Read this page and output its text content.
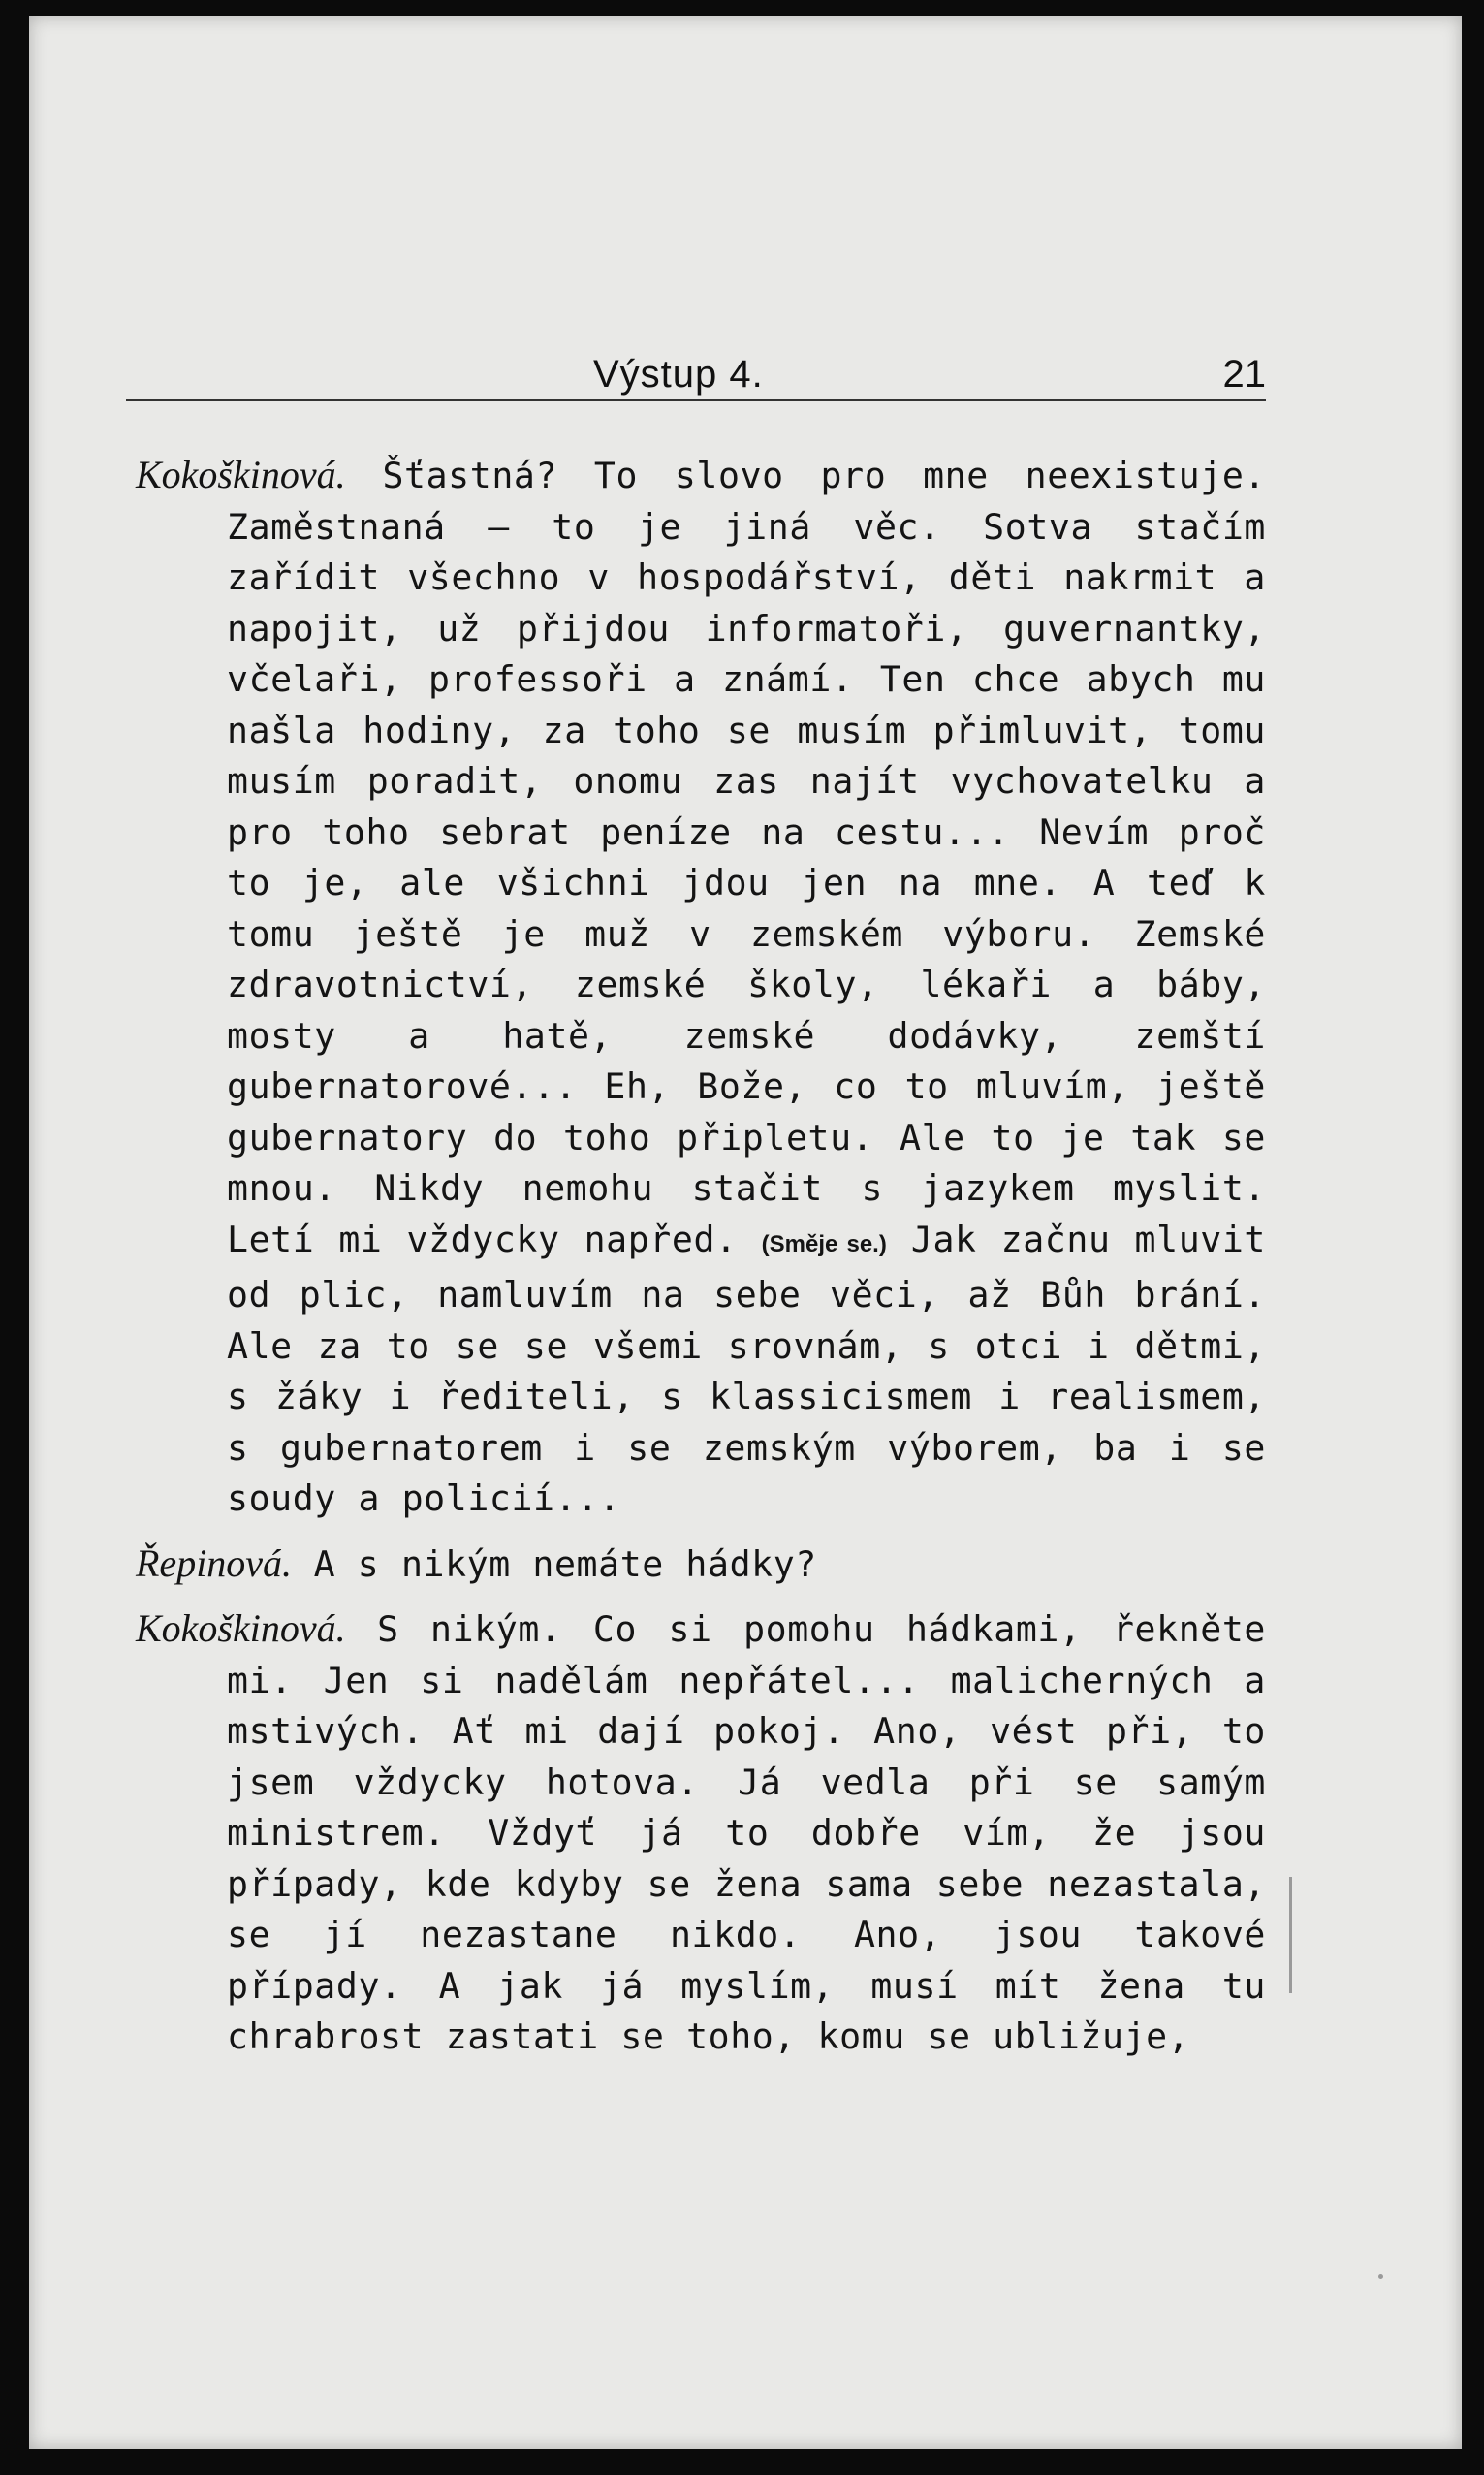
Výstup 4.	21

Kokoškinová. Šťastná? To slovo pro mne neexistuje. Zaměstnaná — to je jiná věc. Sotva stačím zařídit všechno v hospodářství, děti nakrmit a napojit, už přijdou informatoři, guvernantky, včelaři, professoři a známí. Ten chce abych mu našla hodiny, za toho se musím přimluvit, tomu musím poradit, onomu zas najít vychovatelku a pro toho sebrat peníze na cestu... Nevím proč to je, ale všichni jdou jen na mne. A teď k tomu ještě je muž v zemském výboru. Zemské zdravotnictví, zemské školy, lékaři a báby, mosty a hatě, zemské dodávky, zemští gubernatorové... Eh, Bože, co to mluvím, ještě gubernatory do toho připletu. Ale to je tak se mnou. Nikdy nemohu stačit s jazykem myslit. Letí mi vždycky napřed. (Směje se.) Jak začnu mluvit od plic, namluvím na sebe věci, až Bůh brání. Ale za to se se všemi srovnám, s otci i dětmi, s žáky i řediteli, s klassicismem i realismem, s gubernatorem i se zemským výborem, ba i se soudy a policií...

Řepinová. A s nikým nemáte hádky?

Kokoškinová. S nikým. Co si pomohu hádkami, řekněte mi. Jen si nadělám nepřátel... malicherných a mstivých. Ať mi dají pokoj. Ano, vést při, to jsem vždycky hotova. Já vedla při se samým ministrem. Vždyť já to dobře vím, že jsou případy, kde kdyby se žena sama sebe nezastala, se jí nezastane nikdo. Ano, jsou takové případy. A jak já myslím, musí mít žena tu chrabrost zastati se toho, komu se ubližuje,
